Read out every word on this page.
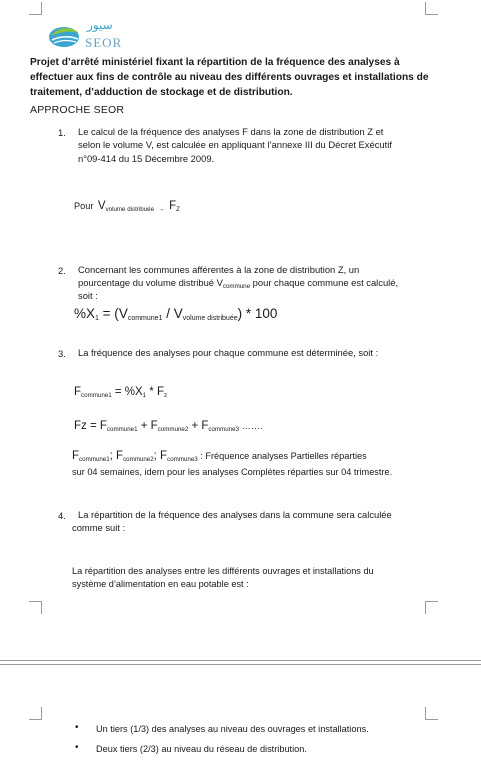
سيور
SEOR
Projet d’arrêté ministériel fixant la répartition de la fréquence des analyses à effectuer aux fins de contrôle au niveau des différents ouvrages et installations de traitement, d’adduction de stockage et de distribution.
APPROCHE SEOR
1. Le calcul de la fréquence des analyses F dans la zone de distribution Z et
selon le volume V, est calculée en appliquant l’annexe III du Décret Exécutif
n°09-414 du 15 Décembre 2009.
Pour $V_{volume distribuée}$ $_\to$ $F_Z$
2. Concernant les communes afférentes à la zone de distribution Z, un
pourcentage du volume distribué $V_{commune}$ pour chaque commune est calculé,
soit :
%X1 = (Vcommune1 / Vvolume distribuée) * 100
3. La fréquence des analyses pour chaque commune est déterminée, soit :
$F_{commune1} = \%X_1 * F_z$
$Fz = F_{commune1} + F_{commune2} + F_{commune3}$ …….
$F_{commune1}$; $F_{commune2}$; $F_{commune3}$ : Fréquence analyses Partielles réparties
sur 04 semaines, idem pour les analyses Complètes réparties sur 04 trimestre.
4. La répartition de la fréquence des analyses dans la commune sera calculée
comme suit :
La répartition des analyses entre les différents ouvrages et installations du
système d’alimentation en eau potable est :
• Un tiers (1/3) des analyses au niveau des ouvrages et installations.
• Deux tiers (2/3) au niveau du réseau de distribution.
